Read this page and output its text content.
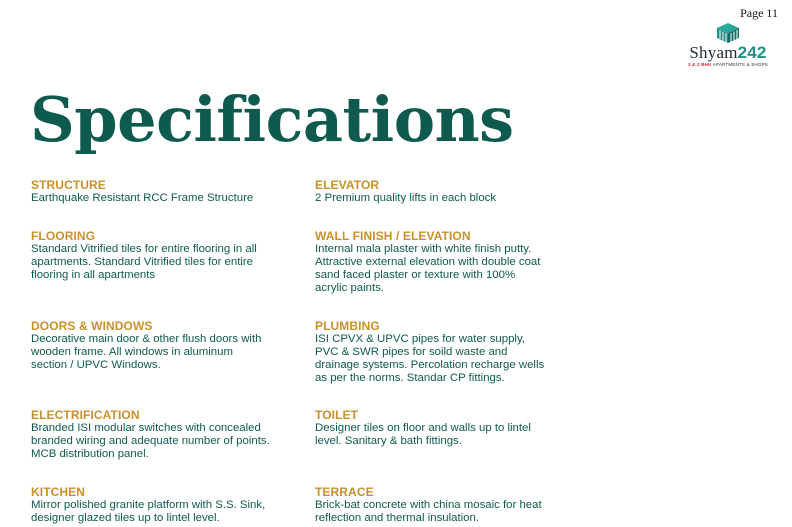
Page 11
Shyam242
3 & 2 BHK APARTMENTS & SHOPS
Specifications
STRUCTURE
Earthquake Resistant RCC Frame Structure
FLOORING
Standard Vitrified tiles for entire flooring in all apartments. Standard Vitrified tiles for entire flooring in all apartments
DOORS & WINDOWS
Decorative main door & other flush doors with wooden frame. All windows in aluminum section / UPVC Windows.
ELECTRIFICATION
Branded ISI modular switches with concealed branded wiring and adequate number of points. MCB distribution panel.
KITCHEN
Mirror polished granite platform with S.S. Sink, designer glazed tiles up to lintel level.
ELEVATOR
2 Premium quality lifts in each block
WALL FINISH / ELEVATION
Internal mala plaster with white finish putty. Attractive external elevation with double coat sand faced plaster or texture with 100% acrylic paints.
PLUMBING
ISI CPVX & UPVC pipes for water supply, PVC & SWR pipes for soild waste and drainage systems. Percolation recharge wells as per the norms. Standar CP fittings.
TOILET
Designer tiles on floor and walls up to lintel level. Sanitary & bath fittings.
TERRACE
Brick-bat concrete with china mosaic for heat reflection and thermal insulation.
